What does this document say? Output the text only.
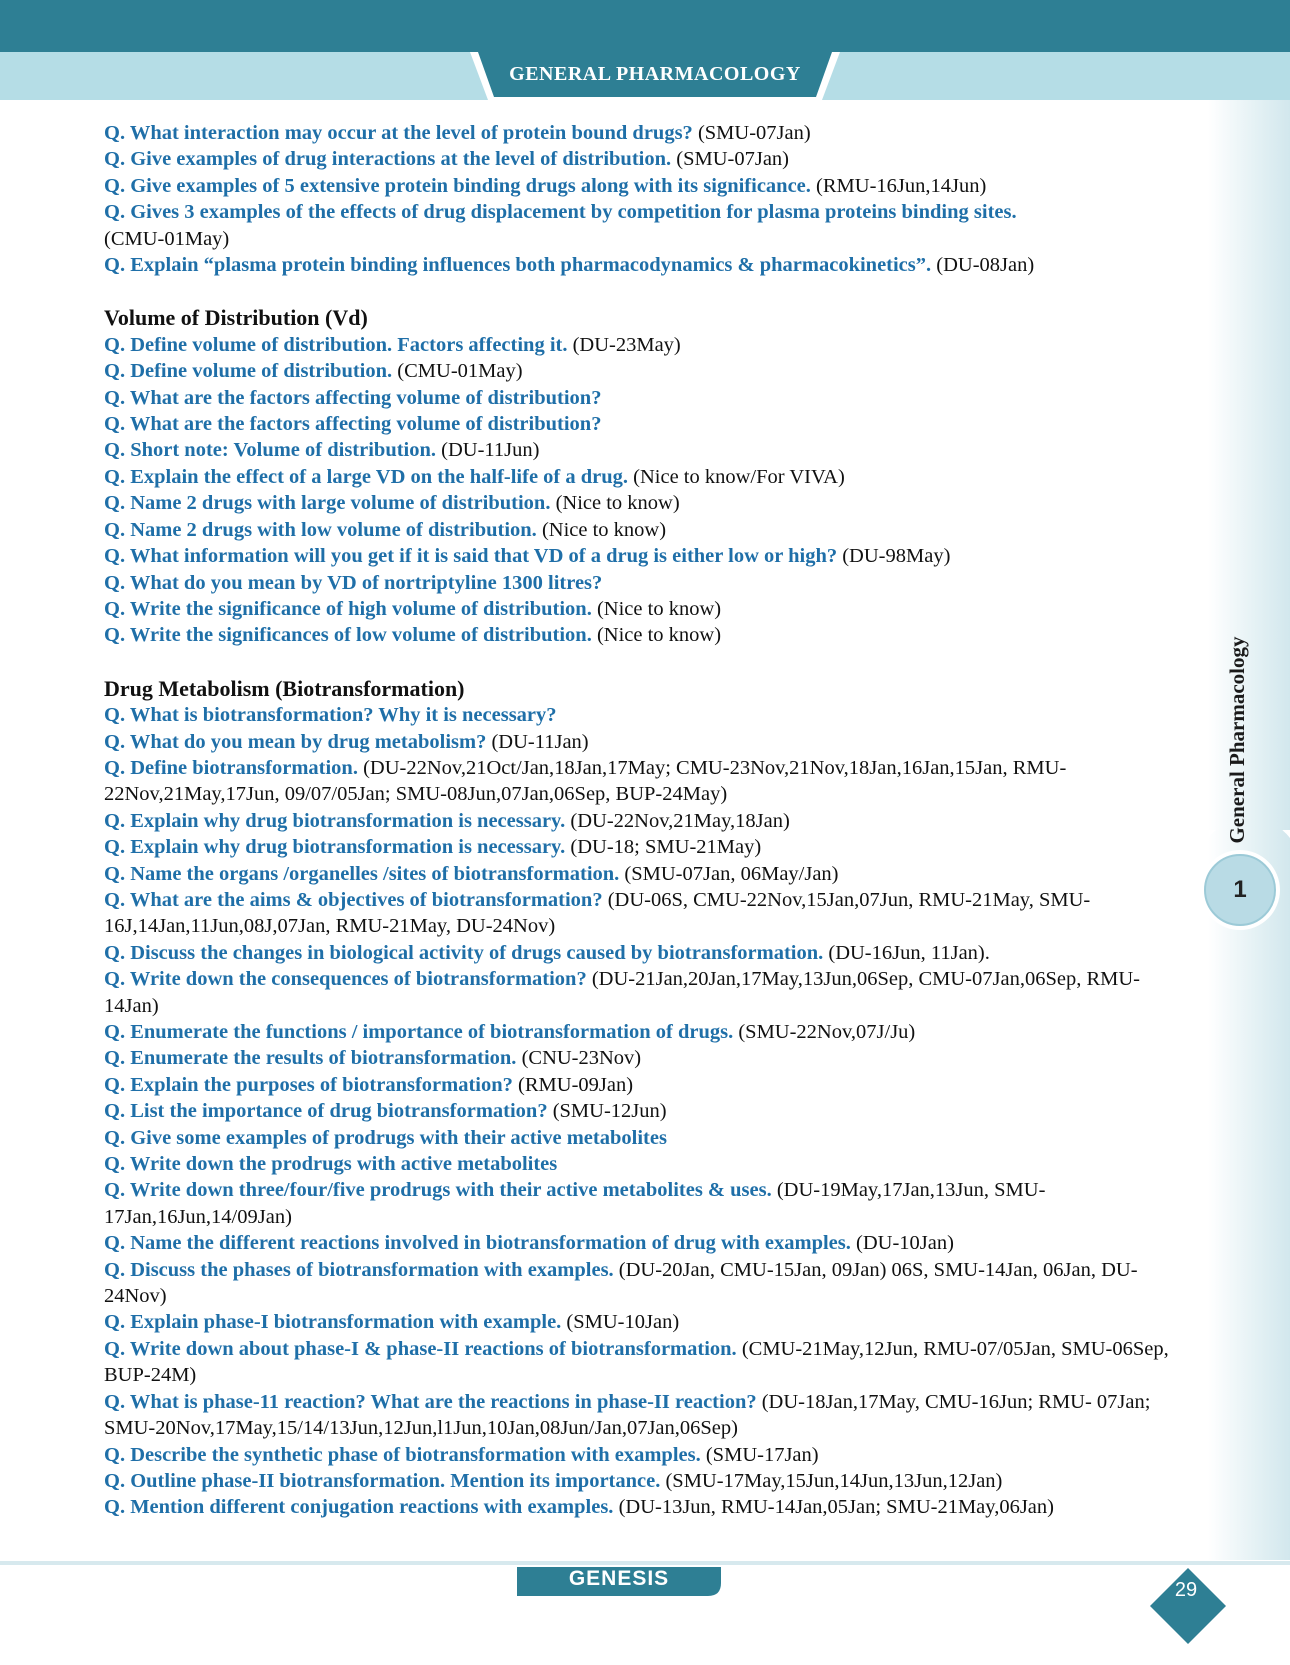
GENERAL PHARMACOLOGY
General Pharmacology
1
Q. What interaction may occur at the level of protein bound drugs? (SMU-07Jan)
Q. Give examples of drug interactions at the level of distribution. (SMU-07Jan)
Q. Give examples of 5 extensive protein binding drugs along with its significance. (RMU-16Jun,14Jun)
Q. Gives 3 examples of the effects of drug displacement by competition for plasma proteins binding sites.
(CMU-01May)
Q. Explain “plasma protein binding influences both pharmacodynamics & pharmacokinetics”. (DU-08Jan)
Volume of Distribution (Vd)
Q. Define volume of distribution. Factors affecting it. (DU-23May)
Q. Define volume of distribution. (CMU-01May)
Q. What are the factors affecting volume of distribution?
Q. What are the factors affecting volume of distribution?
Q. Short note: Volume of distribution. (DU-11Jun)
Q. Explain the effect of a large VD on the half-life of a drug. (Nice to know/For VIVA)
Q. Name 2 drugs with large volume of distribution. (Nice to know)
Q. Name 2 drugs with low volume of distribution. (Nice to know)
Q. What information will you get if it is said that VD of a drug is either low or high? (DU-98May)
Q. What do you mean by VD of nortriptyline 1300 litres?
Q. Write the significance of high volume of distribution. (Nice to know)
Q. Write the significances of low volume of distribution. (Nice to know)
Drug Metabolism (Biotransformation)
Q. What is biotransformation? Why it is necessary?
Q. What do you mean by drug metabolism? (DU-11Jan)
Q. Define biotransformation. (DU-22Nov,21Oct/Jan,18Jan,17May; CMU-23Nov,21Nov,18Jan,16Jan,15Jan, RMU-22Nov,21May,17Jun, 09/07/05Jan; SMU-08Jun,07Jan,06Sep, BUP-24May)
Q. Explain why drug biotransformation is necessary. (DU-22Nov,21May,18Jan)
Q. Explain why drug biotransformation is necessary. (DU-18; SMU-21May)
Q. Name the organs /organelles /sites of biotransformation. (SMU-07Jan, 06May/Jan)
Q. What are the aims & objectives of biotransformation? (DU-06S, CMU-22Nov,15Jan,07Jun, RMU-21May, SMU-16J,14Jan,11Jun,08J,07Jan, RMU-21May, DU-24Nov)
Q. Discuss the changes in biological activity of drugs caused by biotransformation. (DU-16Jun, 11Jan).
Q. Write down the consequences of biotransformation? (DU-21Jan,20Jan,17May,13Jun,06Sep, CMU-07Jan,06Sep, RMU-14Jan)
Q. Enumerate the functions / importance of biotransformation of drugs. (SMU-22Nov,07J/Ju)
Q. Enumerate the results of biotransformation. (CNU-23Nov)
Q. Explain the purposes of biotransformation? (RMU-09Jan)
Q. List the importance of drug biotransformation? (SMU-12Jun)
Q. Give some examples of prodrugs with their active metabolites
Q. Write down the prodrugs with active metabolites
Q. Write down three/four/five prodrugs with their active metabolites & uses. (DU-19May,17Jan,13Jun, SMU-17Jan,16Jun,14/09Jan)
Q. Name the different reactions involved in biotransformation of drug with examples. (DU-10Jan)
Q. Discuss the phases of biotransformation with examples. (DU-20Jan, CMU-15Jan, 09Jan) 06S, SMU-14Jan, 06Jan, DU-24Nov)
Q. Explain phase-I biotransformation with example. (SMU-10Jan)
Q. Write down about phase-I & phase-II reactions of biotransformation. (CMU-21May,12Jun, RMU-07/05Jan, SMU-06Sep, BUP-24M)
Q. What is phase-11 reaction? What are the reactions in phase-II reaction? (DU-18Jan,17May, CMU-16Jun; RMU- 07Jan; SMU-20Nov,17May,15/14/13Jun,12Jun,l1Jun,10Jan,08Jun/Jan,07Jan,06Sep)
Q. Describe the synthetic phase of biotransformation with examples. (SMU-17Jan)
Q. Outline phase-II biotransformation. Mention its importance. (SMU-17May,15Jun,14Jun,13Jun,12Jan)
Q. Mention different conjugation reactions with examples. (DU-13Jun, RMU-14Jan,05Jan; SMU-21May,06Jan)
GENESIS	29
